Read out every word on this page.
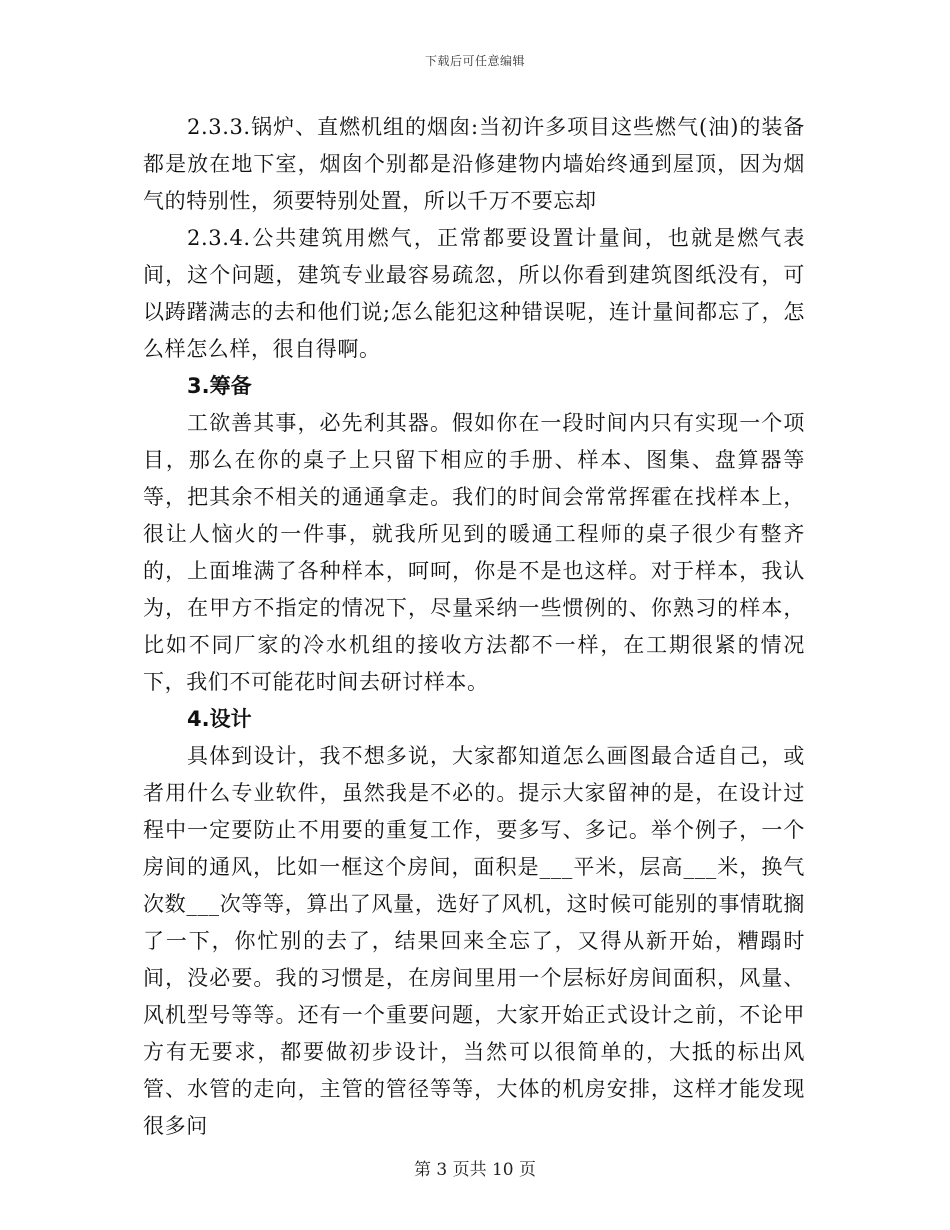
下载后可任意编辑

2.3.3.锅炉、直燃机组的烟囱:当初许多项目这些燃气(油)的装备都是放在地下室，烟囱个别都是沿修建物内墙始终通到屋顶，因为烟气的特别性，须要特别处置，所以千万不要忘却

2.3.4.公共建筑用燃气，正常都要设置计量间，也就是燃气表间，这个问题，建筑专业最容易疏忽，所以你看到建筑图纸没有，可以踌躇满志的去和他们说;怎么能犯这种错误呢，连计量间都忘了，怎么样怎么样，很自得啊。

3.筹备

工欲善其事，必先利其器。假如你在一段时间内只有实现一个项目，那么在你的桌子上只留下相应的手册、样本、图集、盘算器等等，把其余不相关的通通拿走。我们的时间会常常挥霍在找样本上，很让人恼火的一件事，就我所见到的暖通工程师的桌子很少有整齐的，上面堆满了各种样本，呵呵，你是不是也这样。对于样本，我认为，在甲方不指定的情况下，尽量采纳一些惯例的、你熟习的样本，比如不同厂家的冷水机组的接收方法都不一样，在工期很紧的情况下，我们不可能花时间去研讨样本。

4.设计

具体到设计，我不想多说，大家都知道怎么画图最合适自己，或者用什么专业软件，虽然我是不必的。提示大家留神的是，在设计过程中一定要防止不用要的重复工作，要多写、多记。举个例子，一个房间的通风，比如一框这个房间，面积是___平米，层高___米，换气次数___次等等，算出了风量，选好了风机，这时候可能别的事情耽搁了一下，你忙别的去了，结果回来全忘了，又得从新开始，糟蹋时间，没必要。我的习惯是，在房间里用一个层标好房间面积，风量、风机型号等等。还有一个重要问题，大家开始正式设计之前，不论甲方有无要求，都要做初步设计，当然可以很简单的，大抵的标出风管、水管的走向，主管的管径等等，大体的机房安排，这样才能发现很多问

第 3 页共 10 页
